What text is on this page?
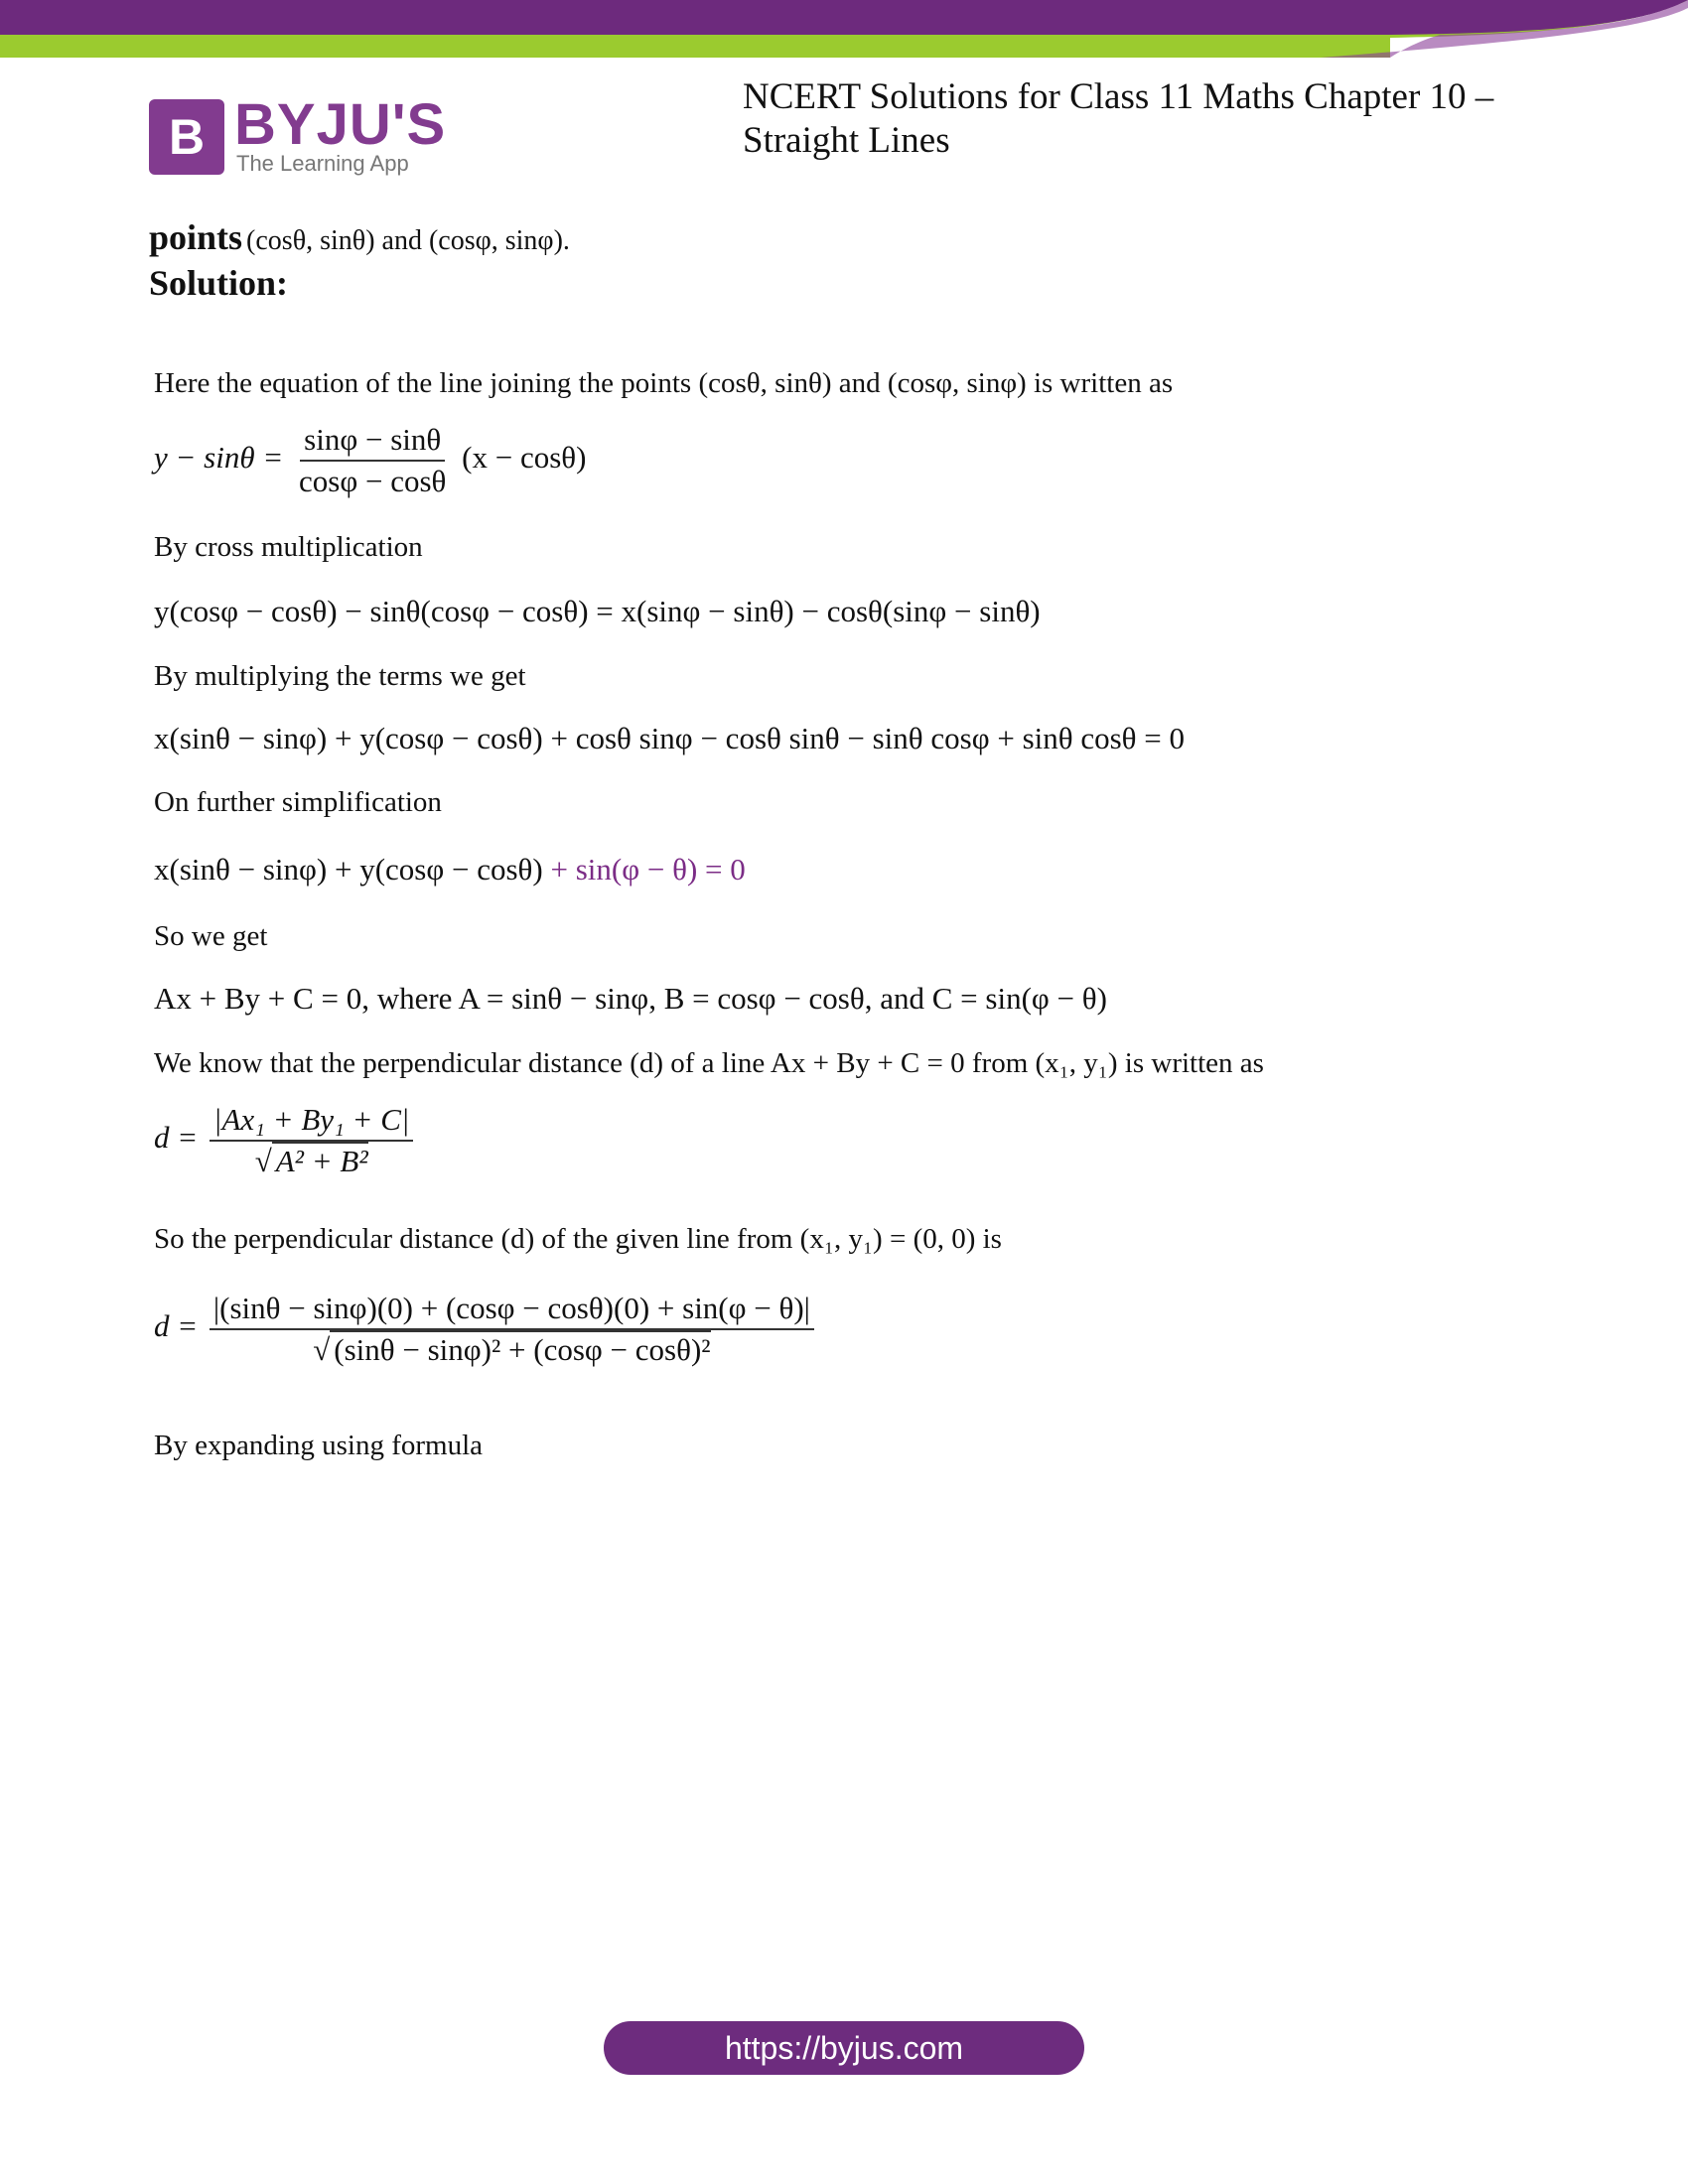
B BYJU'S
The Learning App
NCERT Solutions for Class 11 Maths Chapter 10 –
Straight Lines
points (cosθ, sinθ) and (cosφ, sinφ).
Solution:
Here the equation of the line joining the points (cosθ, sinθ) and (cosφ, sinφ) is written as
$y - \sin\theta = \frac{\sin\varphi - \sin\theta}{\cos\varphi - \cos\theta} (x - \cos\theta)$
By cross multiplication
y(cosφ − cosθ) − sinθ(cosφ − cosθ) = x(sinφ − sinθ) − cosθ(sinφ − sinθ)
By multiplying the terms we get
x(sinθ − sinφ) + y(cosφ − cosθ) + cosθ sinφ − cosθ sinθ − sinθ cosφ + sinθ cosθ = 0
On further simplification
x(sinθ − sinφ) + y(cosφ − cosθ) + sin(φ − θ) = 0
So we get
Ax + By + C = 0, where A = sinθ − sinφ, B = cosφ − cosθ, and C = sin(φ − θ)
We know that the perpendicular distance (d) of a line Ax + By + C = 0 from (x₁, y₁) is written as
$d = \frac{\text{|Ax₁ + By₁ + C|}}{\text{√ A² + B²}}$
So the perpendicular distance (d) of the given line from (x₁, y₁) = (0, 0) is
$d = \frac{|(\sin\theta - \sin\varphi)(0) + (\cos\varphi - \cos\theta)(0) + \sin(\varphi - \theta)|}{\text{√ (sinθ − sinφ)² + (cosφ − cosθ)²}}$
By expanding using formula
https://byjus.com
